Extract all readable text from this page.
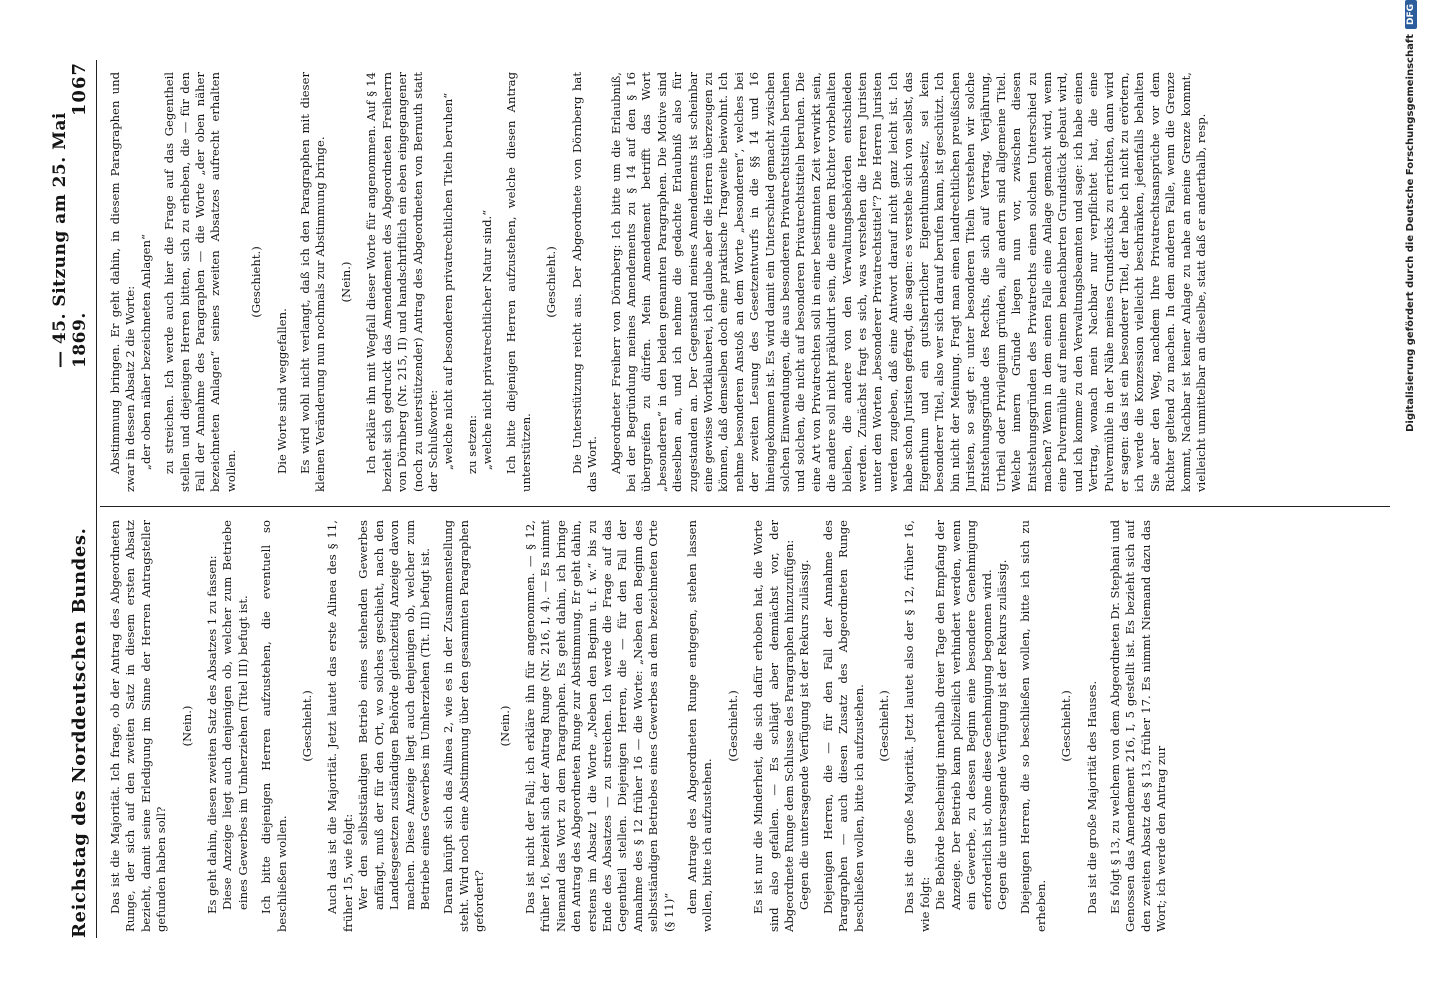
Reichstag des Norddeutschen Bundes.
— 45. Sitzung am 25. Mai 1869.
1067

Das ist die Majorität. Ich frage, ob der Antrag des Abgeordneten Runge, der sich auf den zweiten Satz in diesem ersten Absatz bezieht, damit seine Erledigung im Sinne der Herren Antragsteller gefunden haben soll?

(Nein.) Es geht dahin, diesen zweiten Satz des Absatzes 1 zu fassen: Diese Anzeige liegt auch denjenigen ob, welcher zum Betriebe eines Gewerbes im Umherziehen (Titel III) befugt ist. Ich bitte diejenigen Herren aufzustehen, die eventuell so beschließen wollen.

(Geschieht.) Auch das ist die Majorität. Jetzt lautet das erste Alinea des § 11, früher 15, wie folgt: Wer den selbstständigen Betrieb eines stehenden Gewerbes anfängt, muß der für den Ort, wo solches geschieht, nach den Landesgesetzen zuständigen Behörde gleichzeitig Anzeige davon machen. Diese Anzeige liegt auch denjenigen ob, welcher zum Betriebe eines Gewerbes im Umherziehen (Tit. III) befugt ist. Daran knüpft sich das Alinea 2, wie es in der Zusammenstellung steht. Wird noch eine Abstimmung über den gesammten Paragraphen gefordert?

(Nein.) Das ist nicht der Fall; ich erkläre ihn für angenommen. — § 12, früher 16, bezieht sich der Antrag Runge (Nr. 216, I, 4). — Es nimmt Niemand das Wort zu dem Paragraphen. Es geht dahin, ich bringe den Antrag des Abgeordneten Runge zur Abstimmung. Er geht dahin, erstens im Absatz 1 die Worte „Neben den Beginn u. f. w.“ bis zu Ende des Absatzes — zu streichen. Ich werde die Frage auf das Gegentheil stellen. Diejenigen Herren, die — für den Fall der Annahme des § 12 früher 16 — die Worte: „Neben den Beginn des selbstständigen Betriebes eines Gewerbes an dem bezeichneten Orte (§ 11)“ dem Antrage des Abgeordneten Runge entgegen, stehen lassen wollen, bitte ich aufzustehen.

(Geschieht.) Es ist nur die Minderheit, die sich dafür erhoben hat, die Worte sind also gefallen. — Es schlägt aber demnächst vor, der Abgeordnete Runge dem Schlusse des Paragraphen hinzuzufügen: Gegen die untersagende Verfügung ist der Rekurs zulässig. Diejenigen Herren, die — für den Fall der Annahme des Paragraphen — auch diesen Zusatz des Abgeordneten Runge beschließen wollen, bitte ich aufzustehen. (Geschieht.) Das ist die große Majorität. Jetzt lautet also der § 12, früher 16, wie folgt: Die Behörde bescheinigt innerhalb dreier Tage den Empfang der Anzeige. Der Betrieb kann polizeilich verhindert werden, wenn ein Gewerbe, zu dessen Beginn eine besondere Genehmigung erforderlich ist, ohne diese Genehmigung begonnen wird. Gegen die untersagende Verfügung ist der Rekurs zulässig. Diejenigen Herren, die so beschließen wollen, bitte ich sich zu erheben.

(Geschieht.) Das ist die große Majorität des Hauses. Es folgt § 13, zu welchem von dem Abgeordneten Dr. Stephani und Genossen das Amendement 216, I, 5 gestellt ist. Es bezieht sich auf den zweiten Absatz des § 13, früher 17. Es nimmt Niemand dazu das Wort; ich werde den Antrag zur

Abstimmung bringen. Er geht dahin, in diesem Paragraphen und zwar in dessen Absatz 2 die Worte: „der oben näher bezeichneten Anlagen“ zu streichen. Ich werde auch hier die Frage auf das Gegentheil stellen und diejenigen Herren bitten, sich zu erheben, die — für den Fall der Annahme des Paragraphen — die Worte „der oben näher bezeichneten Anlagen“ seines zweiten Absatzes aufrecht erhalten wollen.

(Geschieht.)

Die Worte sind weggefallen. Es wird wohl nicht verlangt, daß ich den Paragraphen mit dieser kleinen Veränderung nun nochmals zur Abstimmung bringe. (Nein.) Ich erkläre ihn mit Wegfall dieser Worte für angenommen. Auf § 14 bezieht sich gedruckt das Amendement des Abgeordneten Freiherrn von Dörnberg (Nr. 215, II) und handschriftlich ein eben eingegangener (noch zu unterstützender) Antrag des Abgeordneten von Bernuth statt der Schlußworte: „welche nicht auf besonderen privatrechtlichen Titeln beruhen“ zu setzen: „welche nicht privatrechtlicher Natur sind.“ Ich bitte diejenigen Herren aufzustehen, welche diesen Antrag unterstützen.

(Geschieht.) Die Unterstützung reicht aus. Der Abgeordnete von Dörnberg hat das Wort. Abgeordneter Freiherr von Dörnberg: Ich bitte um die Erlaubniß, bei der Begründung meines Amendements zu § 14 auf den § 16 übergreifen zu dürfen. Mein Amendement betrifft das Wort „besonderen“ in den beiden genannten Paragraphen. Die Motive sind dieselben an, und ich nehme die gedachte Erlaubniß also für zugestanden an. Der Gegenstand meines Amendements ist scheinbar eine gewisse Wortklauberei, ich glaube aber die Herren überzeugen zu können, daß demselben doch eine praktische Tragweite beiwohnt. Ich nehme besonderen Anstoß an dem Worte „besonderen“, welches bei der zweiten Lesung des Gesetzentwurfs in die §§ 14 und 16 hineingekommen ist. Es wird damit ein Unterschied gemacht zwischen solchen Einwendungen, die aus besonderen Privatrechtstiteln beruhen und solchen, die nicht auf besonderen Privatrechtstiteln beruhen. Die eine Art von Privatrechten soll in einer bestimmten Zeit verwirkt sein, die andere soll nicht präkludirt sein, die eine dem Richter vorbehalten bleiben, die andere von den Verwaltungsbehörden entschieden werden. Zunächst fragt es sich, was verstehen die Herren Juristen unter den Worten „besonderer Privatrechtstitel“? Die Herren Juristen werden zugeben, daß eine Antwort darauf nicht ganz leicht ist. Ich habe schon Juristen gefragt, die sagen: es verstehe sich von selbst, das Eigenthum und ein gutsherrlicher Eigenthumsbesitz, sei kein besonderer Titel, also wer sich darauf berufen kann, ist geschützt. Ich bin nicht der Meinung. Fragt man einen landrechtlichen preußischen Juristen, so sagt er: unter besonderen Titeln verstehen wir solche Entstehungsgründe des Rechts, die sich auf Vertrag, Verjährung, Urtheil oder Privilegium gründen, alle andern sind allgemeine Titel. Welche innern Gründe liegen nun vor, zwischen diesen Entstehungsgründen des Privatrechts einen solchen Unterschied zu machen? Wenn in dem einen Falle eine Anlage gemacht wird, wenn eine Pulvermühle auf meinem benachbarten Grundstück gebaut wird, und ich komme zu den Verwaltungsbeamten und sage: ich habe einen Vertrag, wonach mein Nachbar nur verpflichtet hat, die eine Pulvermühle in der Nähe meines Grundstücks zu errichten, dann wird er sagen: das ist ein besonderer Titel, der habe ich nicht zu erörtern, ich werde die Konzession vielleicht beschränken, jedenfalls behalten Sie aber den Weg, nachdem Ihre Privatrechtsansprüche vor dem Richter geltend zu machen. In dem anderen Falle, wenn die Grenze kommt, Nachbar ist keiner Anlage zu nahe an meine Grenze kommt, vielleicht unmittelbar an dieselbe, statt daß er anderthalb, resp.	Digitalisierung gefördert durch die Deutsche ForschungsgemeinschaftDFG
